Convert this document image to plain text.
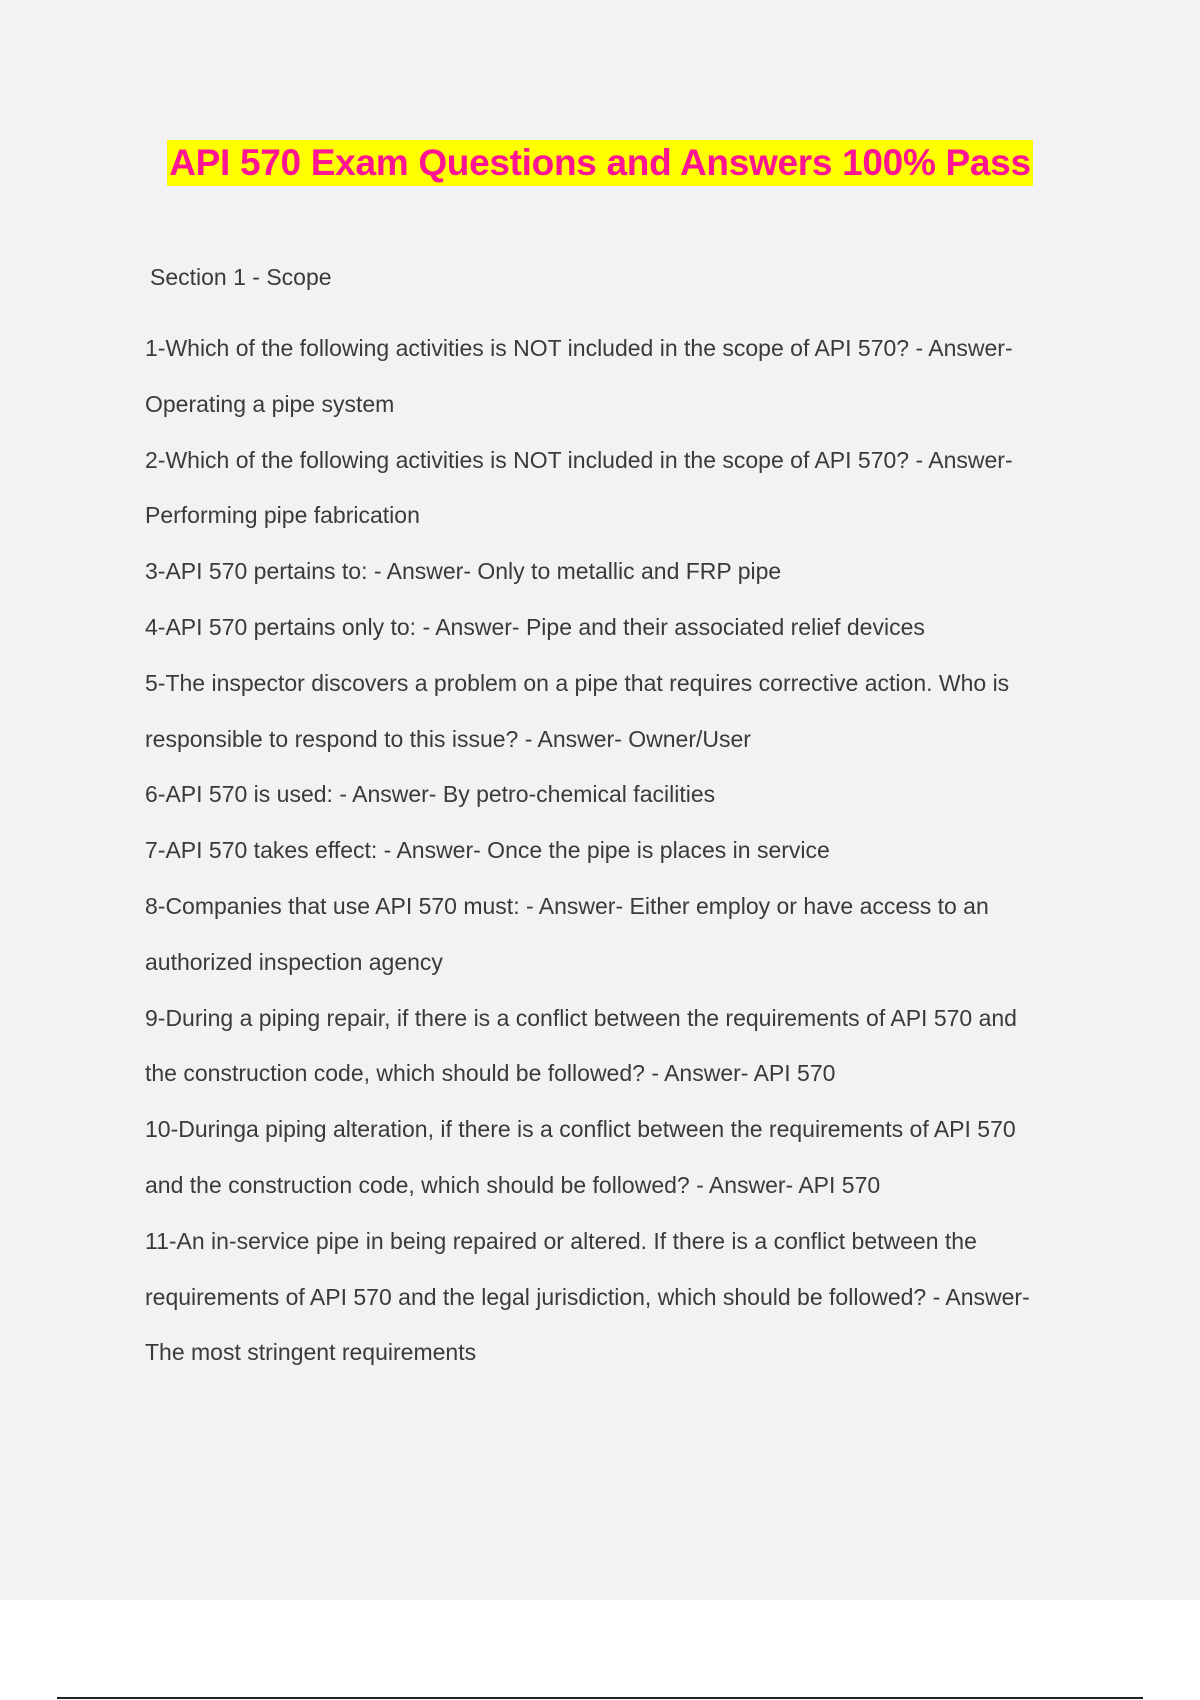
API 570 Exam Questions and Answers 100% Pass
Section 1 - Scope
1-Which of the following activities is NOT included in the scope of API 570? - Answer-
Operating a pipe system
2-Which of the following activities is NOT included in the scope of API 570? - Answer-
Performing pipe fabrication
3-API 570 pertains to: - Answer- Only to metallic and FRP pipe
4-API 570 pertains only to: - Answer- Pipe and their associated relief devices
5-The inspector discovers a problem on a pipe that requires corrective action. Who is
responsible to respond to this issue? - Answer- Owner/User
6-API 570 is used: - Answer- By petro-chemical facilities
7-API 570 takes effect: - Answer- Once the pipe is places in service
8-Companies that use API 570 must: - Answer- Either employ or have access to an
authorized inspection agency
9-During a piping repair, if there is a conflict between the requirements of API 570 and
the construction code, which should be followed? - Answer- API 570
10-Duringa piping alteration, if there is a conflict between the requirements of API 570
and the construction code, which should be followed? - Answer- API 570
11-An in-service pipe in being repaired or altered. If there is a conflict between the
requirements of API 570 and the legal jurisdiction, which should be followed? - Answer-
The most stringent requirements
